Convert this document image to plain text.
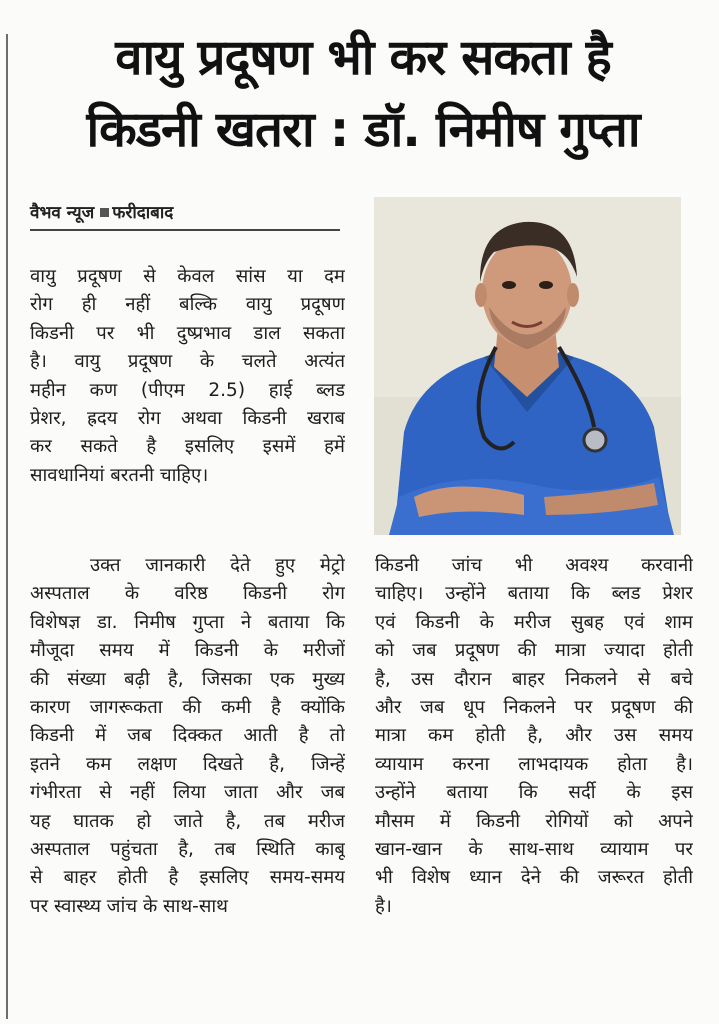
वायु प्रदूषण भी कर सकता है
किडनी खतरा : डॉ. निमीष गुप्ता
वैभव न्यूज फरीदाबाद
वायु प्रदूषण से केवल सांस या दम
रोग ही नहीं बल्कि वायु प्रदूषण
किडनी पर भी दुष्प्रभाव डाल सकता
है। वायु प्रदूषण के चलते अत्यंत
महीन कण (पीएम 2.5) हाई ब्लड
प्रेशर, ह्रदय रोग अथवा किडनी खराब
कर सकते है इसलिए इसमें हमें
सावधानियां बरतनी चाहिए।
उक्त जानकारी देते हुए मेट्रो
अस्पताल के वरिष्ठ किडनी रोग
विशेषज्ञ डा. निमीष गुप्ता ने बताया कि
मौजूदा समय में किडनी के मरीजों
की संख्या बढ़ी है, जिसका एक मुख्य
कारण जागरूकता की कमी है क्योंकि
किडनी में जब दिक्कत आती है तो
इतने कम लक्षण दिखते है, जिन्हें
गंभीरता से नहीं लिया जाता और जब
यह घातक हो जाते है, तब मरीज
अस्पताल पहुंचता है, तब स्थिति काबू
से बाहर होती है इसलिए समय-समय
पर स्वास्थ्य जांच के साथ-साथ
किडनी जांच भी अवश्य करवानी
चाहिए। उन्होंने बताया कि ब्लड प्रेशर
एवं किडनी के मरीज सुबह एवं शाम
को जब प्रदूषण की मात्रा ज्यादा होती
है, उस दौरान बाहर निकलने से बचे
और जब धूप निकलने पर प्रदूषण की
मात्रा कम होती है, और उस समय
व्यायाम करना लाभदायक होता है।
उन्होंने बताया कि सर्दी के इस
मौसम में किडनी रोगियों को अपने
खान-खान के साथ-साथ व्यायाम पर
भी विशेष ध्यान देने की जरूरत होती
है।
